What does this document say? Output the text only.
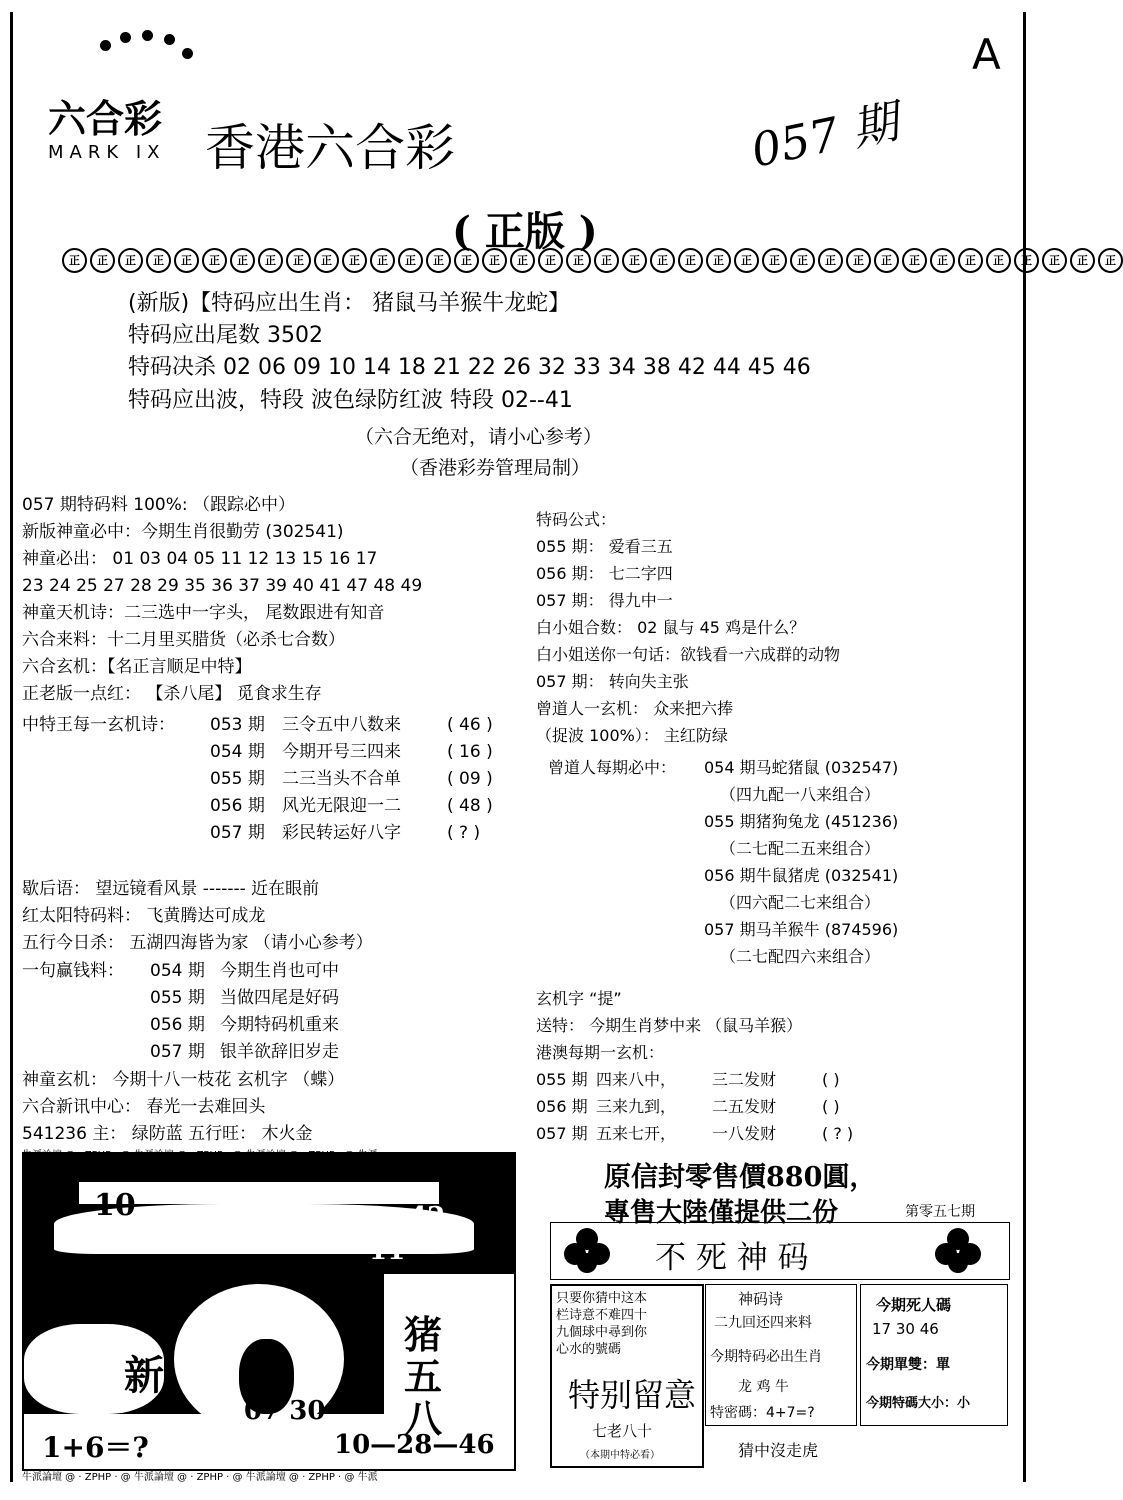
六合彩
MARK IX 香港六合彩	057 期
A
( 正版 )
正	正	正	正	正	正	正	正	正	正	正	正	正	正	正	正	正	正	正	正	正	正	正	正	正	正	正	正	正	正	正	正	正	正	正	正	正	正
(新版)【特码应出生肖： 猪鼠马羊猴牛龙蛇】
特码应出尾数 3502
特码决杀 02 06 09 10 14 18 21 22 26 32 33 34 38 42 44 45 46
特码应出波，特段 波色绿防红波 特段 02--41
（六合无绝对，请小心参考）
（香港彩券管理局制）
057 期特码料 100%: （跟踪必中）
新版神童必中：今期生肖很勤劳 (302541)
神童必出： 01 03 04 05 11 12 13 15 16 17
23 24 25 27 28 29 35 36 37 39 40 41 47 48 49
神童天机诗：二三选中一字头， 尾数跟进有知音
六合来料：十二月里买腊货（必杀七合数）
六合玄机：【名正言顺足中特】
正老版一点红： 【杀八尾】 觅食求生存
中特王每一玄机诗： 053 期	三令五中八数来	( 46 )
054 期	今期开号三四来	( 16 )
055 期	二三当头不合单	( 09 )
056 期	风光无限迎一二	( 48 )
057 期	彩民转运好八字	( ? )
歇后语： 望远镜看风景 ------- 近在眼前
红太阳特码料： 飞黄腾达可成龙
五行今日杀： 五湖四海皆为家 （请小心参考）
一句赢钱料： 054 期 今期生肖也可中
055 期 当做四尾是好码
056 期 今期特码机重来
057 期 银羊欲辞旧岁走
神童玄机： 今期十八一枝花 玄机字 （蝶）
六合新讯中心： 春光一去难回头
541236 主： 绿防蓝 五行旺： 木火金
特码公式：
055 期： 爱看三五
056 期： 七二字四
057 期： 得九中一
白小姐合数： 02 鼠与 45 鸡是什么？
白小姐送你一句话：欲钱看一六成群的动物
057 期： 转向失主张
曾道人一玄机： 众来把六捧
（捉波 100%）： 主红防绿
曾道人每期必中： 054 期马蛇猪鼠 (032547)
（四九配一八来组合）
055 期猪狗兔龙 (451236)
（二七配二五来组合）
056 期牛鼠猪虎 (032541)
（四六配二七来组合）
057 期马羊猴牛 (874596)
（二七配四六来组合）
玄机字 “提”
送特： 今期生肖梦中来 （鼠马羊猴）
港澳每期一玄机：
055 期 四来八中，	三二发财	( )
056 期 三来九到，	二五发财	( )
057 期 五来七开，	一八发财	( ? )
10	42
11
新
猪
五
八
07 30
1+6＝?	10—28—46
牛派論壇 @ · ZPHP · @ 牛派論壇 @ · ZPHP · @ 牛派論壇 @ · ZPHP · @ 牛派
牛派論壇 @ · ZPHP · @ 牛派論壇 @ · ZPHP · @ 牛派論壇 @ · ZPHP · @ 牛派
原信封零售價880圓，
專售大陸僅提供二份	第零五七期
不 死 神 码
只要你猜中这本
栏诗意不难四十
九個球中尋到你
心水的號碼
特别留意
七老八十
（本期中特必看）
神码诗
二九回还四来料
今期特码必出生肖
龙 鸡 牛
特密碼：4+7=?
猜中沒走虎
今期死人碼
17 30 46
今期單雙：單
今期特碼大小：小
